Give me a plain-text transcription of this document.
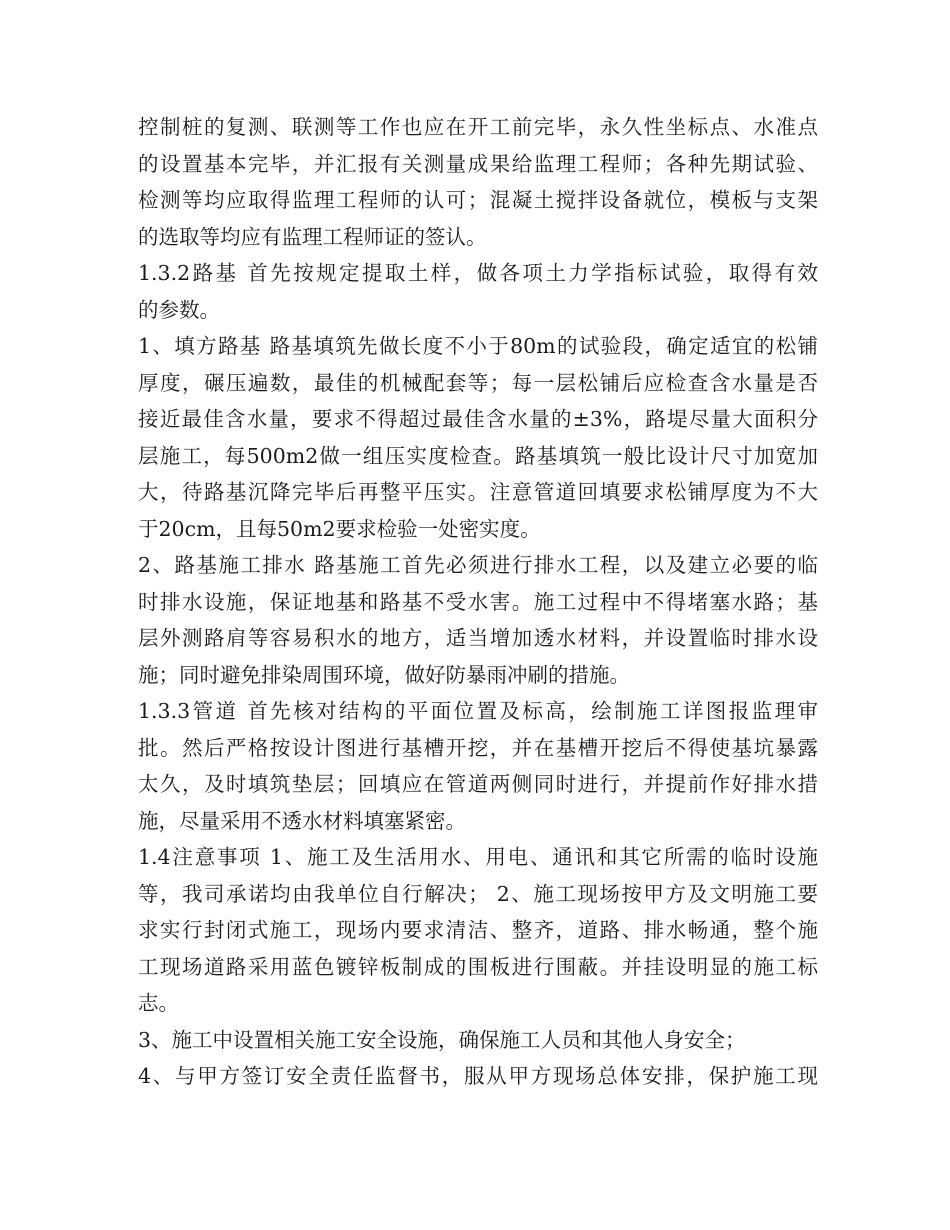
控制桩的复测、联测等工作也应在开工前完毕，永久性坐标点、水准点
的设置基本完毕，并汇报有关测量成果给监理工程师；各种先期试验、
检测等均应取得监理工程师的认可；混凝土搅拌设备就位，模板与支架
的选取等均应有监理工程师证的签认。
1.3.2路基 首先按规定提取土样，做各项土力学指标试验，取得有效
的参数。
1、填方路基 路基填筑先做长度不小于80m的试验段，确定适宜的松铺
厚度，碾压遍数，最佳的机械配套等；每一层松铺后应检查含水量是否
接近最佳含水量，要求不得超过最佳含水量的±3%，路堤尽量大面积分
层施工，每500m2做一组压实度检查。路基填筑一般比设计尺寸加宽加
大，待路基沉降完毕后再整平压实。注意管道回填要求松铺厚度为不大
于20cm，且每50m2要求检验一处密实度。
2、路基施工排水 路基施工首先必须进行排水工程，以及建立必要的临
时排水设施，保证地基和路基不受水害。施工过程中不得堵塞水路；基
层外测路肩等容易积水的地方，适当增加透水材料，并设置临时排水设
施；同时避免排染周围环境，做好防暴雨冲刷的措施。
1.3.3管道 首先核对结构的平面位置及标高，绘制施工详图报监理审
批。然后严格按设计图进行基槽开挖，并在基槽开挖后不得使基坑暴露
太久，及时填筑垫层；回填应在管道两侧同时进行，并提前作好排水措
施，尽量采用不透水材料填塞紧密。
1.4注意事项 1、施工及生活用水、用电、通讯和其它所需的临时设施
等，我司承诺均由我单位自行解决； 2、施工现场按甲方及文明施工要
求实行封闭式施工，现场内要求清洁、整齐，道路、排水畅通，整个施
工现场道路采用蓝色镀锌板制成的围板进行围蔽。并挂设明显的施工标
志。
3、施工中设置相关施工安全设施，确保施工人员和其他人身安全；
4、与甲方签订安全责任监督书，服从甲方现场总体安排，保护施工现
